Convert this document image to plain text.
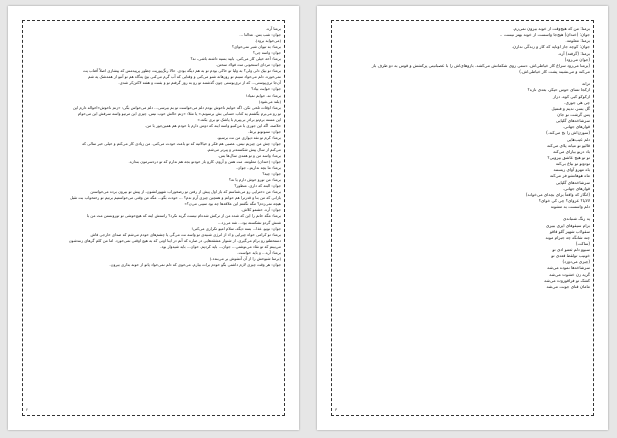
برمنا آره.
جوان: شب بس. عدالتا ...
(می‌خوابد برود).
برمنا: به تیوان شبر نمی‌خوای؟
جوان: واسه چی؟
برمنا: آخه خیلی کار می‌کنی. بابید بسیه داشته باشی، نه؟
جوان: مردای استخونی مث فولاد سختن.
برمنا: تو بیک دلی ولی؟ به ولیا تو خاکی بودم تو به هم دیگه بودی. حالا رنگ‌پوریت چطور پرپیدمس که پیشازی اصلاً آفتاب یت
نمی‌خوره. دلم می‌خواد سینم تو روزهانه شنو می‌کنی و وقتایی که آب گرم می‌کنی بیخ یه‌گاه هم تو آنبو از همه‌شک یه شم
آن‌جا تری‌پوستی... که از تری‌پوستی چون گذشتنه تو رو به روز گرفتم تو و بفنت و هفته لاکتن‌کر شدی.
جوان: خوابت بیاد؟
برمنا: نه، خوابم نمیاد!
(بلند می‌شود)
برمنا: اوقات تلخی نکن. اگه خوابم ناخوش بودم دلم می‌خواست تو بم بیرسی... دلم می‌خواس بگی: «زنم ناخوش»اخواله دارم این
تو رو می‌برم بگشتم یه کتاب حسابی بش برسونم.» یا مثلا: «زنم حالش خوب نیس. چیزی این مرتیو واسه سرفش این می‌خوام
این مسنه برم‌تو برادرِ بی‌پیرم با پاشک تو بری بکنه.»
خلاصه، اگه این جوری با من‌کنبو واسه اینه که دوس دارم با خودم هم همین‌جور با من.
جوان: سنوتونو برط.
برمنا: کرم تو نفه دیواری من نت برسیو.
جوان: چش من چیزیم نیس. عصبی هم فکر و خیالاتیه که تو باعث خودت می‌کنی. من زیادی کار می‌کنم و خیلی خبر سالی که
می‌کنم از سال پیش شکسته‌تر و پیرتر می‌شم.
برمنا: واسه من و تو همدی سال‌ها بس.
جوان: (خندان) معلومه. مت همن و آروم. کارو باز خودتو بجه هم ندارم که تو دردسرمون بندازه.
برمنا: ما بچه نداریم.. جوان.
جوان: چیه؟
برمنا: من تورو خوش دارم یا نه؟
جوان: البته که داری. منظور؟
برمنا: من دخترایی رو می‌شناسم که باز اول پیش از رفتن تو رضخوراب شهورانشون، از پیش تو بیرون برده می‌خواستن
بازانی که من بنا و قدرترا هم خوانم و همچین چیزی آرم ندم؟ ... خودت بگو... مگه من وقتی می‌خواستیم برتیم تو رختخواب بت تقبل
هیچه نمی‌زدم؟ مگه نگفتم این علاقه‌ها چه بود سیبی می‌ن؟»
جوان: آره. خشمو کلاش.
برمنا: مگه خانم را این که شده من از ترکش شده‌ام نیست گریه نکرد؟ راستش اینه که هیچ‌خوشی تو تورونستن مث من با
شنش گردو نشکسته بود... شه می‌زد...
جوان: نوبو. غذا... بسه دیگه، سلام امیو تکراری می‌کنی!
برمنا: تو کرامی خواه چیرایی و اد از انرژی شنیدی تو واسه نت می‌گی یا چشم‌های خودم می‌شم که صدای خارجی فاش
دستخطتو رو برام می‌گیری. از شنوار عشقه‌هایی در صاره که آنم در اینا اونی که به هیچ اوقتی نمی‌خورد. اما من کلم گرهای زنندشون
می‌بینم که تو نقاد می‌نوشتی... جوان... باید کردیم. خوان... باید شیدوار بود.
برمنا: آره... و باید خواست.
(برمنا شبوخش را از آن آنشوش بر می‌بندد.)
جوان: هر وقت چیزی لازم داشتی بگو خودم برات بیارم. می‌خوی که دلم نمی‌خواد پاتو از خونه بذاری بیرون.
۲
برمنا: من که هیچ‌وقت از خونه بیرون نمی‌رم.
جوان: (خندان) هیچ‌جا واسست از خونه بهتر نیست ..
برمنا: معلومه.
جوان: کوچه جاز اونایه که کار و زندگی ندارن.
برمنا: (گرفته) آره.
(جوان می‌رود)
(برمنا می‌رود سراغ کار خیاطی‌اش. دستی روی شکمانش می‌کشد. بازوهای‌اش را با عصبانیتی پرکشش و قوس به دو طرف باز
می‌کنه و می‌نشیند پشت کار خیاطی‌اش.)
ترانه
ازکجا تمنای حوس حیکر، بعدی نازه؟
ازکوکو کبی کوه، دراز
چی هی جوری.
گل بسر، ندیم و فنمیل
پس گرشت نو جان
سرشاخه‌های گلپایی
قوارهای جهانی.
(سوزن‌اش را نخ می‌کند.)
دلم عیب‌هایی
قالیو تو میانه پلای می‌کنه
باد دریو بیارای می‌کنه
تو تو هیچ عاشق بپروبی؟
تودوتو تو بیاع بی‌کنه
باه مهرو آوای زیستنه
ماه هوهانشو فر می‌کنه
سرشاخه‌های گلپایی
قوارهای جهانی.
(انگار که واقعاً برای بچه‌ای می‌خواند)
لالایا؟ عروای؟ چی کی خوای؟
دلم واسست به مشونه
یه رنگ شنباندی
برام سیقوفای ایری ببیری
سقولاب شهیر گلو قاقو
چنه شانگه چه جبرام مونه
(ساکت)
سبوو دلم ثعمو ادی تو
خونیب تولقط قعدی تو
(چیزی می‌دوزد)
سرشاخه‌ها نموده می‌شه
گریه زن خشوت می‌شه
کشک تو فراقوروت می‌شه
مامان قنای جونت می‌شه
۳
